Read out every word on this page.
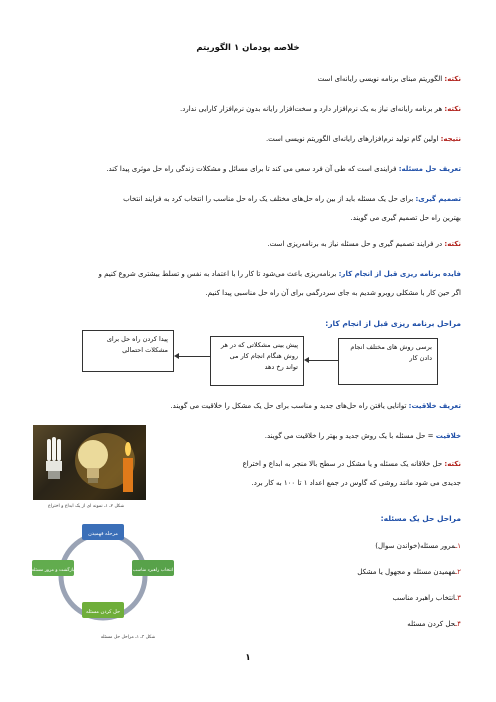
خلاصه پودمان ۱ الگوریتم
نکته: الگوریتم مبنای برنامه نویسی رایانه‌ای است
نکته: هر برنامه رایانه‌ای نیاز به یک نرم‌افزار دارد و سخت‌افزار رایانه بدون نرم‌افزار کارایی ندارد.
نتیجه: اولین گام تولید نرم‌افزارهای رایانه‌ای الگوریتم نویسی است.
تعریف حل مسئله: فرایندی است که طی آن فرد سعی می کند تا برای مسائل و مشکلات زندگی راه حل موثری پیدا کند.
تصمیم گیری: برای حل یک مسئله باید از بین راه حل‌های مختلف یک راه حل مناسب را انتخاب کرد به فرایند انتخاب
بهترین راه حل تصمیم گیری می گویند.
نکته: در فرایند تصمیم گیری و حل مسئله نیاز به برنامه‌ریزی است.
فایده برنامه ریزی قبل از انجام کار: برنامه‌ریزی باعث می‌شود تا کار را با اعتماد به نفس و تسلط بیشتری شروع کنیم و
اگر حین کار با مشکلی روبرو شدیم به جای سردرگمی برای آن راه حل مناسبی پیدا کنیم.
مراحل برنامه ریزی قبل از انجام کار:
برسی روش های مختلف انجام دادن کار
پیش بینی مشکلاتی که در هر روش هنگام انجام کار می تواند رخ دهد
پیدا کردن راه حل برای مشکلات احتمالی
تعریف خلاقیت: توانایی یافتن راه حل‌های جدید و مناسب برای حل یک مشکل را خلاقیت می گویند.
خلاقیت = حل مسئله با یک روش جدید و بهتر را خلاقیت می گویند.
نکته: حل خلاقانه یک مسئله و یا مشکل در سطح بالا منجر به ابداع و اختراع
جدیدی می شود مانند روشی که گاوس در جمع اعداد ۱ تا ۱۰۰ به کار برد.
شکل ۲ـ ۱ـ نمونه ای از یک ابداع و اختراع
مراحل حل یک مسئله:
۱ـمرور مسئله(خواندن سوال)
۲ـفهمیدن مسئله و مجهول یا مشکل
۳ـانتخاب راهبرد مناسب
۴ـحل کردن مسئله
مرحله فهمیدن
انتخاب راهبرد مناسب
حل کردن مسئله
بازگشت و مرور مسئله
شکل ۳ـ ۱ـ مراحل حل مسئله
۱
